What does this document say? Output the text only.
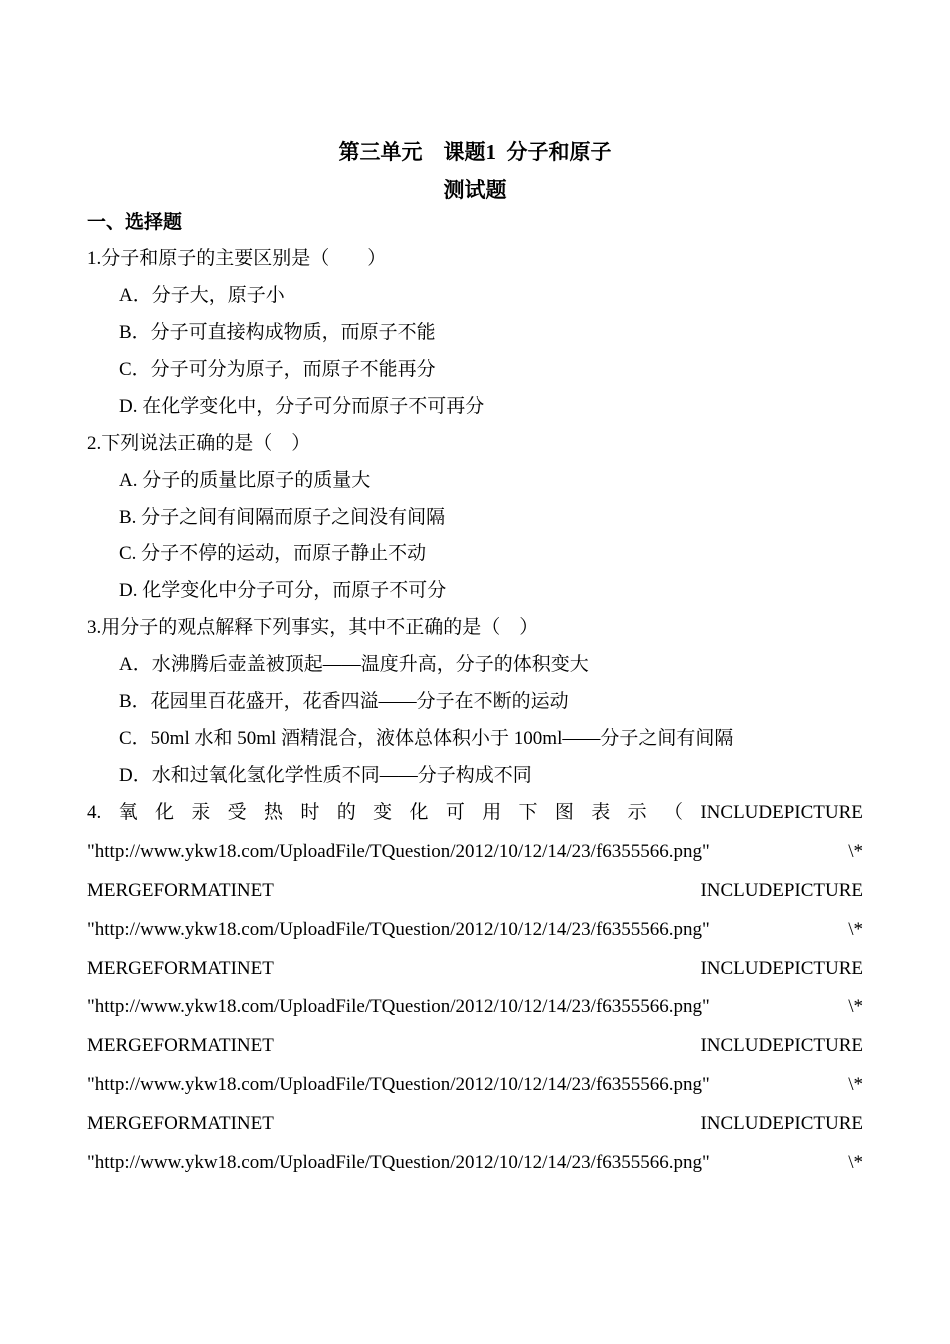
第三单元　课题1  分子和原子
测试题
一、选择题
1.分子和原子的主要区别是（　　）
A．分子大，原子小
B．分子可直接构成物质，而原子不能
C．分子可分为原子，而原子不能再分
D. 在化学变化中，分子可分而原子不可再分
2.下列说法正确的是（　）
A. 分子的质量比原子的质量大
B. 分子之间有间隔而原子之间没有间隔
C. 分子不停的运动，而原子静止不动
D. 化学变化中分子可分，而原子不可分
3.用分子的观点解释下列事实，其中不正确的是（　）
A．水沸腾后壶盖被顶起——温度升高，分子的体积变大
B．花园里百花盛开，花香四溢——分子在不断的运动
C．50ml 水和 50ml 酒精混合，液体总体积小于 100ml——分子之间有间隔
D．水和过氧化氢化学性质不同——分子构成不同
4. 氧 化 汞 受 热 时 的 变 化 可 用 下 图 表 示 （ INCLUDEPICTURE
"http://www.ykw18.com/UploadFile/TQuestion/2012/10/12/14/23/f6355566.png"	\*
MERGEFORMATINET	INCLUDEPICTURE
"http://www.ykw18.com/UploadFile/TQuestion/2012/10/12/14/23/f6355566.png"	\*
MERGEFORMATINET	INCLUDEPICTURE
"http://www.ykw18.com/UploadFile/TQuestion/2012/10/12/14/23/f6355566.png"	\*
MERGEFORMATINET	INCLUDEPICTURE
"http://www.ykw18.com/UploadFile/TQuestion/2012/10/12/14/23/f6355566.png"	\*
MERGEFORMATINET	INCLUDEPICTURE
"http://www.ykw18.com/UploadFile/TQuestion/2012/10/12/14/23/f6355566.png"	\*
